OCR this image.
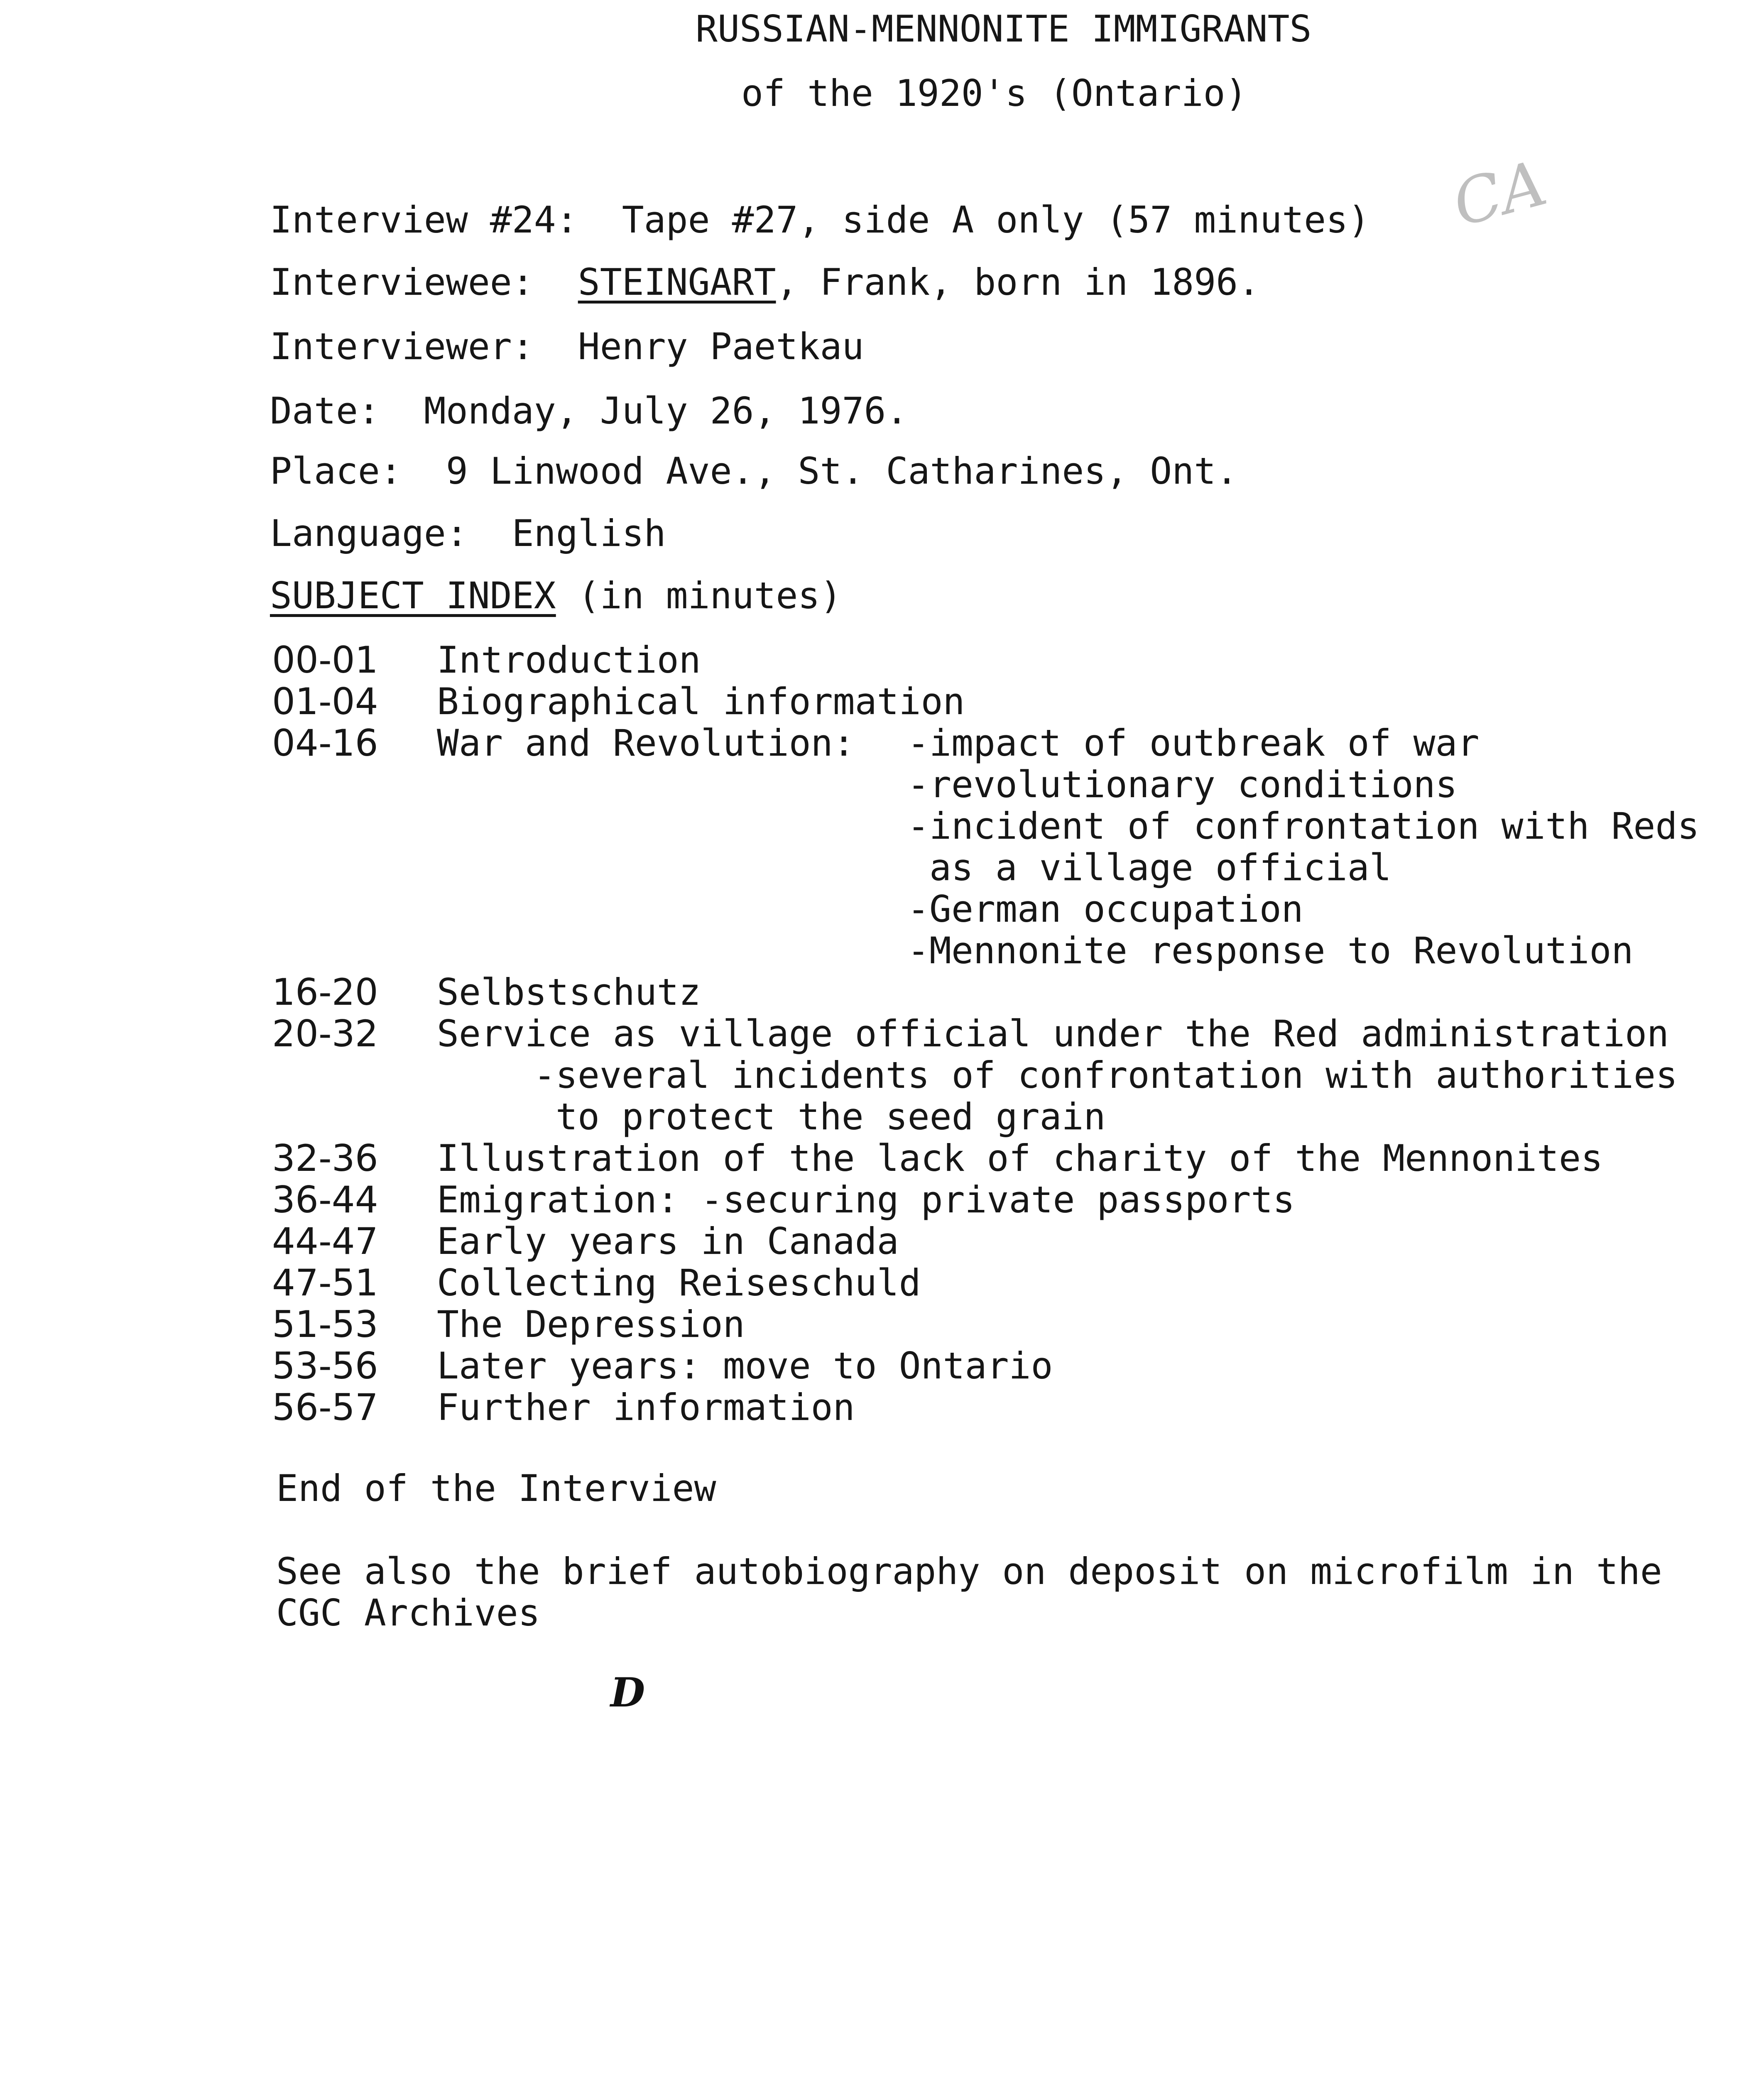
RUSSIAN-MENNONITE IMMIGRANTS
of the 1920's (Ontario)
CA
Interview #24: Tape #27, side A only (57 minutes)
Interviewee: STEINGART, Frank, born in 1896.
Interviewer: Henry Paetkau
Date: Monday, July 26, 1976.
Place: 9 Linwood Ave., St. Catharines, Ont.
Language: English
SUBJECT INDEX (in minutes)
00-01	Introduction
01-04	Biographical information
04-16	War and Revolution: -impact of outbreak of war
-revolutionary conditions
-incident of confrontation with Reds
as a village official
-German occupation
-Mennonite response to Revolution
16-20	Selbstschutz
20-32	Service as village official under the Red administration
-several incidents of confrontation with authorities
to protect the seed grain
32-36	Illustration of the lack of charity of the Mennonites
36-44	Emigration: -securing private passports
44-47	Early years in Canada
47-51	Collecting Reiseschuld
51-53	The Depression
53-56	Later years: move to Ontario
56-57	Further information
End of the Interview
See also the brief autobiography on deposit on microfilm in the
CGC Archives
D
